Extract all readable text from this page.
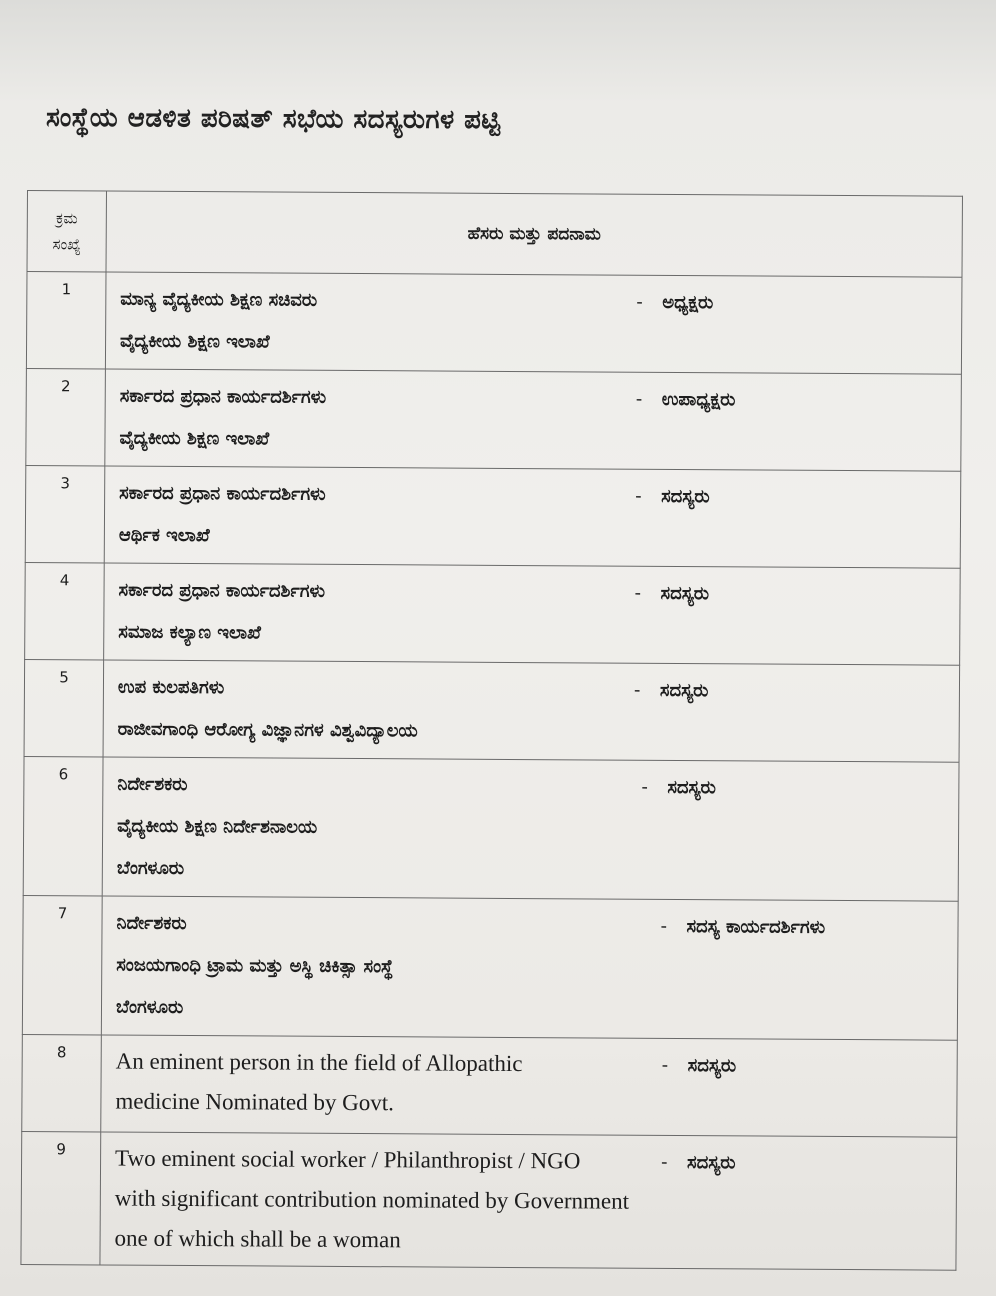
ಸಂಸ್ಥೆಯ ಆಡಳಿತ ಪರಿಷತ್ ಸಭೆಯ ಸದಸ್ಯರುಗಳ ಪಟ್ಟಿ
ಕ್ರಮ
ಸಂಖ್ಯೆ	ಹೆಸರು ಮತ್ತು ಪದನಾಮ
1	ಮಾನ್ಯ ವೈದ್ಯಕೀಯ ಶಿಕ್ಷಣ ಸಚಿವರು
ವೈದ್ಯಕೀಯ ಶಿಕ್ಷಣ ಇಲಾಖೆ
- ಅಧ್ಯಕ್ಷರು

2	ಸರ್ಕಾರದ ಪ್ರಧಾನ ಕಾರ್ಯದರ್ಶಿಗಳು
ವೈದ್ಯಕೀಯ ಶಿಕ್ಷಣ ಇಲಾಖೆ
- ಉಪಾಧ್ಯಕ್ಷರು

3	ಸರ್ಕಾರದ ಪ್ರಧಾನ ಕಾರ್ಯದರ್ಶಿಗಳು
ಆರ್ಥಿಕ ಇಲಾಖೆ
- ಸದಸ್ಯರು

4	ಸರ್ಕಾರದ ಪ್ರಧಾನ ಕಾರ್ಯದರ್ಶಿಗಳು
ಸಮಾಜ ಕಲ್ಯಾಣ ಇಲಾಖೆ
- ಸದಸ್ಯರು

5	ಉಪ ಕುಲಪತಿಗಳು
ರಾಜೀವಗಾಂಧಿ ಆರೋಗ್ಯ ವಿಜ್ಞಾನಗಳ ವಿಶ್ವವಿದ್ಯಾಲಯ
- ಸದಸ್ಯರು

6	ನಿರ್ದೇಶಕರು
ವೈದ್ಯಕೀಯ ಶಿಕ್ಷಣ ನಿರ್ದೇಶನಾಲಯ
ಬೆಂಗಳೂರು
- ಸದಸ್ಯರು

7	ನಿರ್ದೇಶಕರು
ಸಂಜಯಗಾಂಧಿ ಟ್ರಾಮ ಮತ್ತು ಅಸ್ಥಿ ಚಿಕಿತ್ಸಾ ಸಂಸ್ಥೆ
ಬೆಂಗಳೂರು
- ಸದಸ್ಯ ಕಾರ್ಯದರ್ಶಿಗಳು

8	An eminent person in the field of Allopathic
medicine Nominated by Govt.
- ಸದಸ್ಯರು

9	Two eminent social worker / Philanthropist / NGO
with significant contribution nominated by Government
one of which shall be a woman
- ಸದಸ್ಯರು
